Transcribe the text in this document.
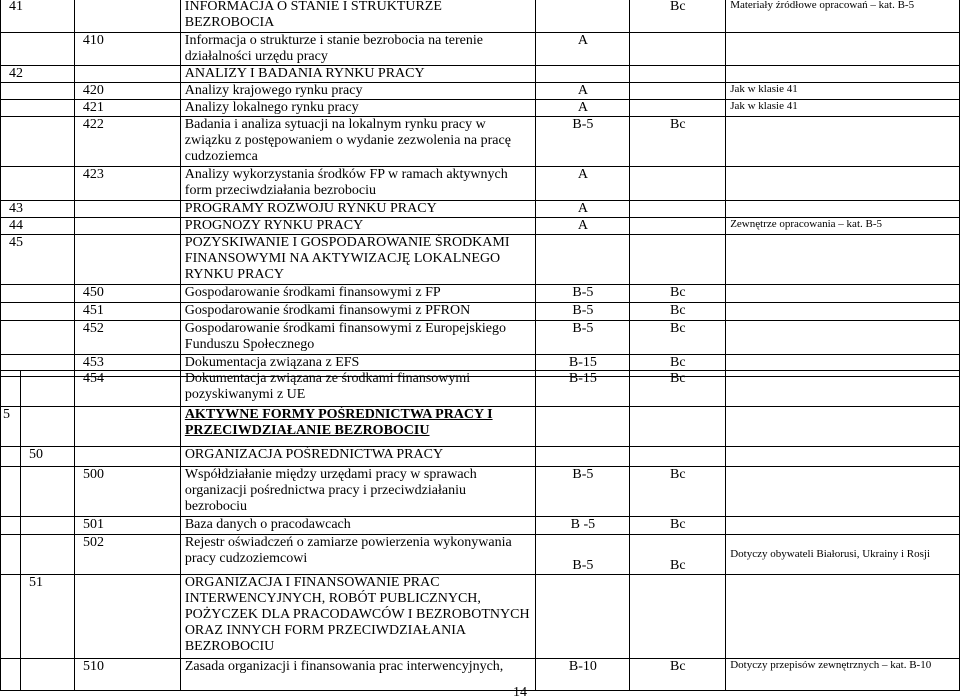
41		INFORMACJA O STANIE I STRUKTURZE BEZROBOCIA		Bc	Materiały źródłowe opracowań – kat. B-5
	410	Informacja o strukturze i stanie bezrobocia na terenie działalności urzędu pracy	A		
42		ANALIZY I BADANIA RYNKU PRACY			
	420	Analizy krajowego rynku pracy	A		Jak w klasie 41
	421	Analizy lokalnego rynku pracy	A		Jak w klasie 41
	422	Badania i analiza sytuacji na lokalnym rynku pracy w związku z postępowaniem o wydanie zezwolenia na pracę cudzoziemca	B-5	Bc	
	423	Analizy wykorzystania środków FP w ramach aktywnych form przeciwdziałania bezrobociu	A		
43		PROGRAMY ROZWOJU RYNKU PRACY	A		
44		PROGNOZY RYNKU PRACY	A		Zewnętrze opracowania – kat. B-5
45		POZYSKIWANIE I GOSPODAROWANIE ŚRODKAMI FINANSOWYMI NA AKTYWIZACJĘ LOKALNEGO RYNKU PRACY			
	450	Gospodarowanie środkami finansowymi z FP	B-5	Bc	
	451	Gospodarowanie środkami finansowymi z PFRON	B-5	Bc	
	452	Gospodarowanie środkami finansowymi z Europejskiego Funduszu Społecznego	B-5	Bc	
	453	Dokumentacja związana z EFS	B-15	Bc	
		454	Dokumentacja związana ze środkami finansowymi pozyskiwanymi z UE	B-15	Bc	
5			AKTYWNE FORMY POŚREDNICTWA PRACY I PRZECIWDZIAŁANIE BEZROBOCIU			
	50		ORGANIZACJA POŚREDNICTWA PRACY			
		500	Współdziałanie między urzędami pracy w sprawach organizacji pośrednictwa pracy i przeciwdziałaniu bezrobociu	B-5	Bc	
		501	Baza danych o pracodawcach	B -5	Bc	
		502	Rejestr oświadczeń o zamiarze powierzenia wykonywania pracy cudzoziemcowi	B-5	Bc	Dotyczy obywateli Białorusi, Ukrainy i Rosji
	51		ORGANIZACJA I FINANSOWANIE PRAC INTERWENCYJNYCH, ROBÓT PUBLICZNYCH, POŻYCZEK DLA PRACODAWCÓW I BEZROBOTNYCH ORAZ INNYCH FORM PRZECIWDZIAŁANIA BEZROBOCIU			
		510	Zasada organizacji i finansowania prac interwencyjnych,	B-10	Bc	Dotyczy przepisów zewnętrznych – kat. B-10
14
